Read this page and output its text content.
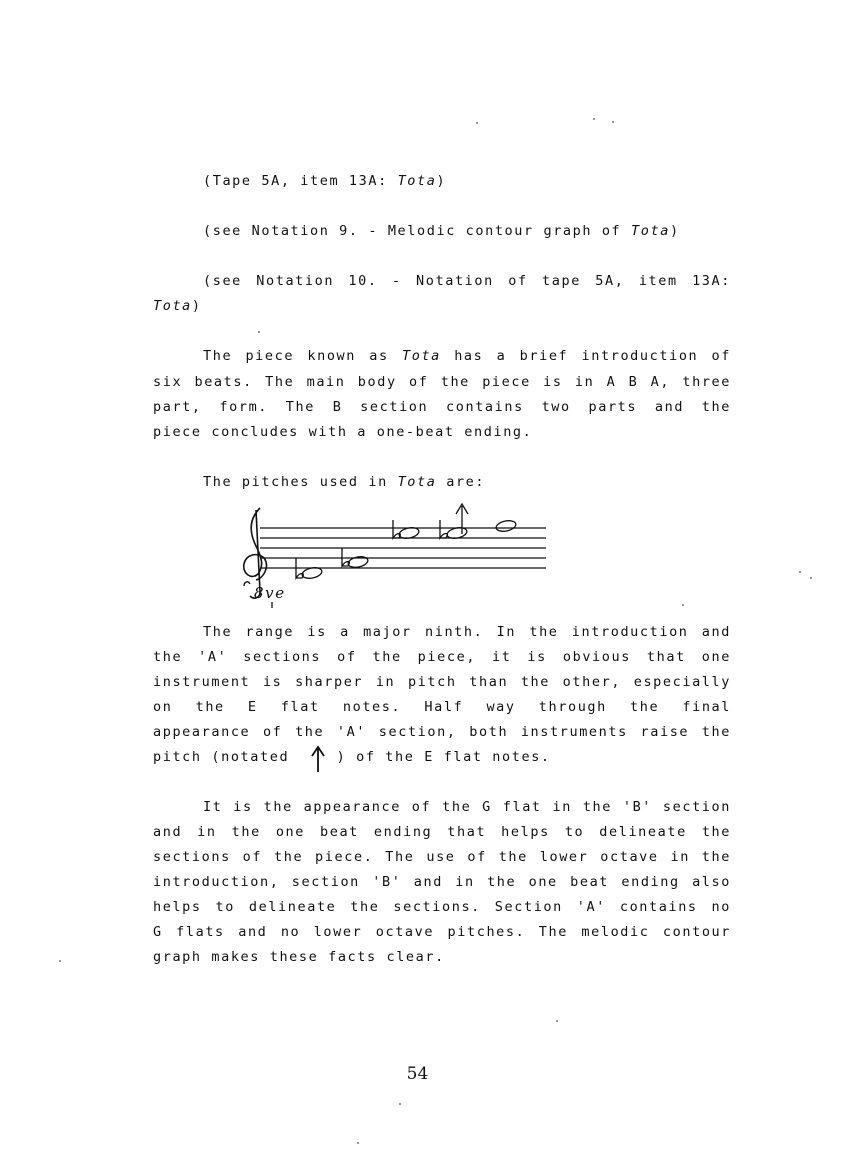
(Tape 5A, item 13A: Tota)
(see Notation 9. - Melodic contour graph of Tota)
(see Notation 10. - Notation of tape 5A, item 13A:
Tota)
The piece known as Tota has a brief introduction of
six beats. The main body of the piece is in A B A, three
part, form. The B section contains two parts and the
piece concludes with a one-beat ending.
The pitches used in Tota are:
8ve
The range is a major ninth. In the introduction and
the 'A' sections of the piece, it is obvious that one
instrument is sharper in pitch than the other, especially
on the E flat notes. Half way through the final
appearance of the 'A' section, both instruments raise the
pitch (notated  ) of the E flat notes.
It is the appearance of the G flat in the 'B' section
and in the one beat ending that helps to delineate the
sections of the piece. The use of the lower octave in the
introduction, section 'B' and in the one beat ending also
helps to delineate the sections. Section 'A' contains no
G flats and no lower octave pitches. The melodic contour
graph makes these facts clear.
54
